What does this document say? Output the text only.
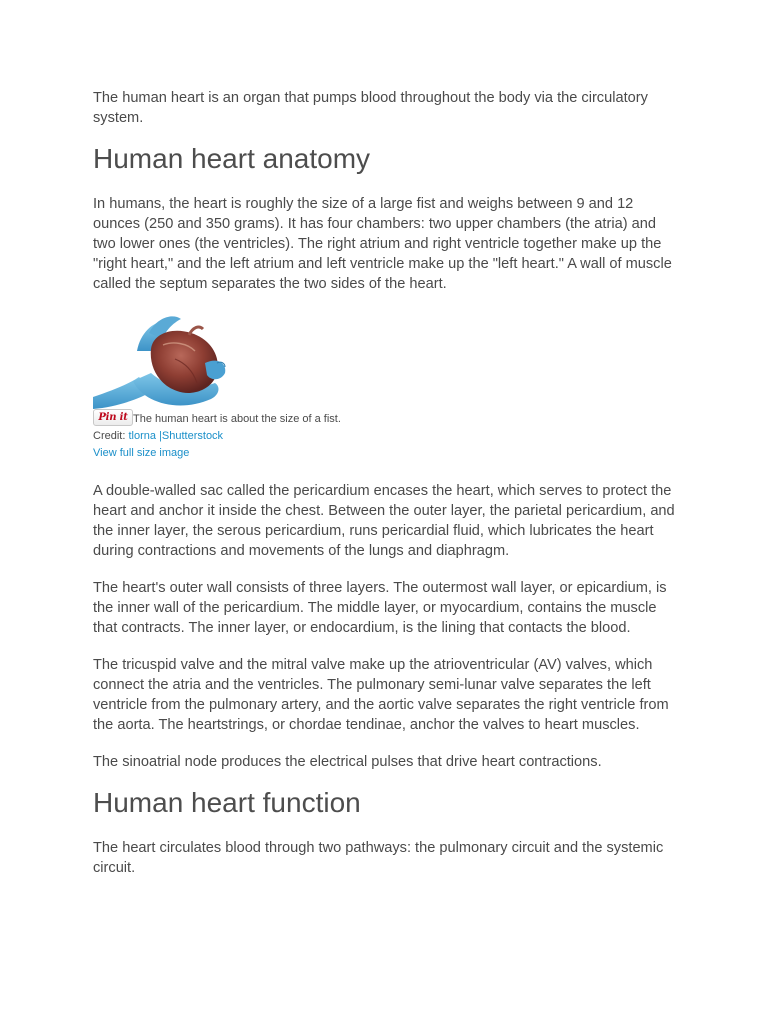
The human heart is an organ that pumps blood throughout the body via the circulatory system.

Human heart anatomy

In humans, the heart is roughly the size of a large fist and weighs between 9 and 12 ounces (250 and 350 grams). It has four chambers: two upper chambers (the atria) and two lower ones (the ventricles). The right atrium and right ventricle together make up the "right heart," and the left atrium and left ventricle make up the "left heart." A wall of muscle called the septum separates the two sides of the heart.

Pin it The human heart is about the size of a fist.
Credit: tlorna |Shutterstock
View full size image

A double-walled sac called the pericardium encases the heart, which serves to protect the heart and anchor it inside the chest. Between the outer layer, the parietal pericardium, and the inner layer, the serous pericardium, runs pericardial fluid, which lubricates the heart during contractions and movements of the lungs and diaphragm.

The heart's outer wall consists of three layers. The outermost wall layer, or epicardium, is the inner wall of the pericardium. The middle layer, or myocardium, contains the muscle that contracts. The inner layer, or endocardium, is the lining that contacts the blood.

The tricuspid valve and the mitral valve make up the atrioventricular (AV) valves, which connect the atria and the ventricles. The pulmonary semi-lunar valve separates the left ventricle from the pulmonary artery, and the aortic valve separates the right ventricle from the aorta. The heartstrings, or chordae tendinae, anchor the valves to heart muscles.

The sinoatrial node produces the electrical pulses that drive heart contractions.

Human heart function

The heart circulates blood through two pathways: the pulmonary circuit and the systemic circuit.
